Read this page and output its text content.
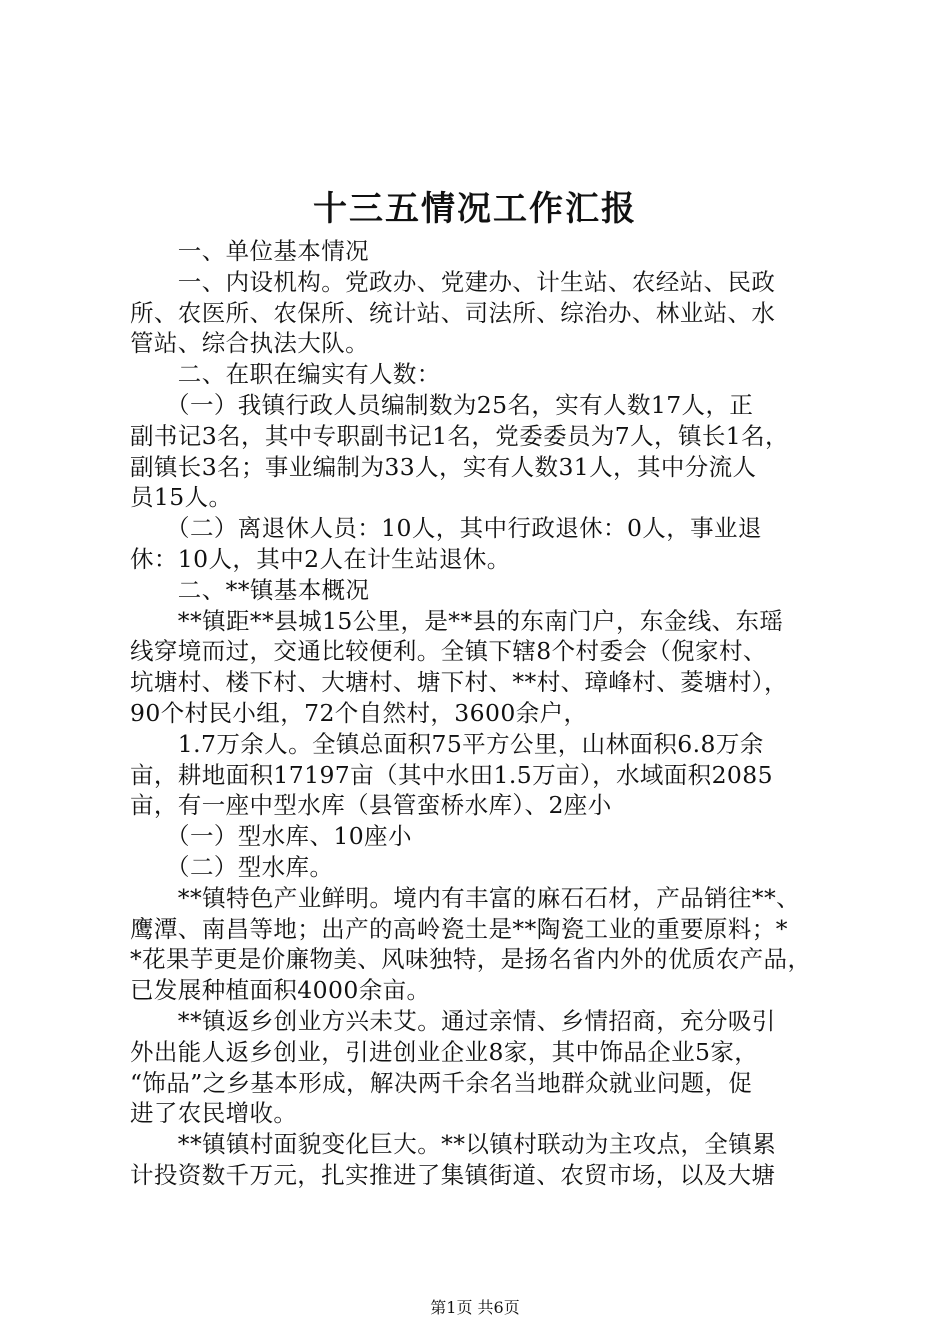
十三五情况工作汇报
　　一、单位基本情况
　　一、内设机构。党政办、党建办、计生站、农经站、民政
所、农医所、农保所、统计站、司法所、综治办、林业站、水
管站、综合执法大队。
　　二、在职在编实有人数：
　　（一）我镇行政人员编制数为25名，实有人数17人，正
副书记3名，其中专职副书记1名，党委委员为7人，镇长1名，
副镇长3名；事业编制为33人，实有人数31人，其中分流人
员15人。
　　（二）离退休人员：10人，其中行政退休：0人，事业退
休：10人，其中2人在计生站退休。
　　二、**镇基本概况
　　**镇距**县城15公里，是**县的东南门户，东金线、东瑶
线穿境而过，交通比较便利。全镇下辖8个村委会（倪家村、
坑塘村、楼下村、大塘村、塘下村、**村、璋峰村、菱塘村），
90个村民小组，72个自然村，3600余户，
　　1.7万余人。全镇总面积75平方公里，山林面积6.8万余
亩，耕地面积17197亩（其中水田1.5万亩），水域面积2085
亩，有一座中型水库（县管蛮桥水库）、2座小
　　（一）型水库、10座小
　　（二）型水库。
　　**镇特色产业鲜明。境内有丰富的麻石石材，产品销往**、
鹰潭、南昌等地；出产的高岭瓷土是**陶瓷工业的重要原料；*
*花果芋更是价廉物美、风味独特，是扬名省内外的优质农产品，
已发展种植面积4000余亩。
　　**镇返乡创业方兴未艾。通过亲情、乡情招商，充分吸引
外出能人返乡创业，引进创业企业8家，其中饰品企业5家，
“饰品”之乡基本形成，解决两千余名当地群众就业问题，促
进了农民增收。
　　**镇镇村面貌变化巨大。**以镇村联动为主攻点，全镇累
计投资数千万元，扎实推进了集镇街道、农贸市场，以及大塘
第1页 共6页
